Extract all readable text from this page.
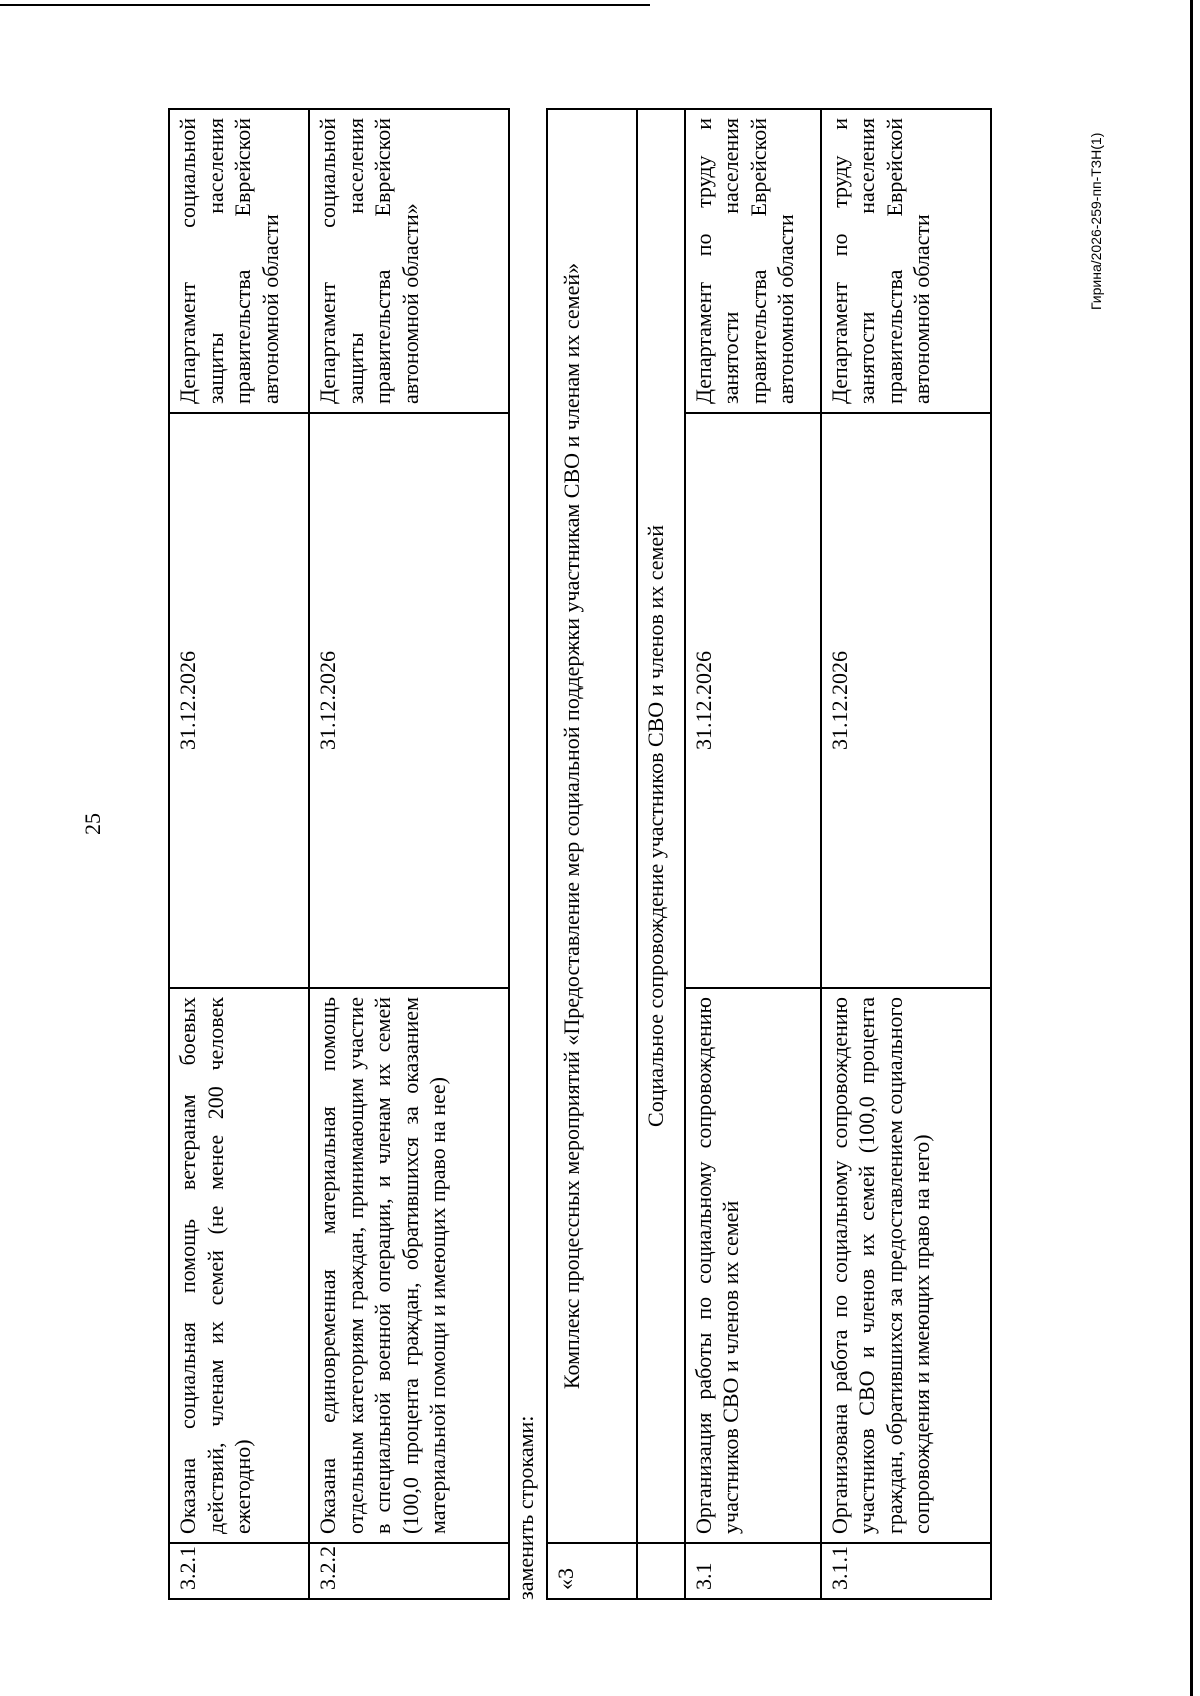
25
Гирина/2026-259-пп-ТЗН(1)
3.2.1	Оказана социальная помощь ветеранам боевых действий, членам их семей (не менее 200 человек ежегодно)	31.12.2026	Департамент социальной защиты населения правительства Еврейской автономной области
3.2.2	Оказана единовременная материальная помощь отдельным категориям граждан, принимающим участие в специальной военной операции, и членам их семей (100,0 процента граждан, обратившихся за оказанием материальной помощи и имеющих право на нее)	31.12.2026	Департамент социальной защиты населения правительства Еврейской автономной области»
заменить строками: «3	Комплекс процессных мероприятий «Предоставление мер социальной поддержки участникам СВО и членам их семей»		
	Социальное сопровождение участников СВО и членов их семей		
3.1	Организация работы по социальному сопровождению участников СВО и членов их семей	31.12.2026	Департамент по труду и занятости населения правительства Еврейской автономной области
3.1.1	Организована работа по социальному сопровождению участников СВО и членов их семей (100,0 процента граждан, обратившихся за предоставлением социального сопровождения и имеющих право на него)	31.12.2026	Департамент по труду и занятости населения правительства Еврейской автономной области
